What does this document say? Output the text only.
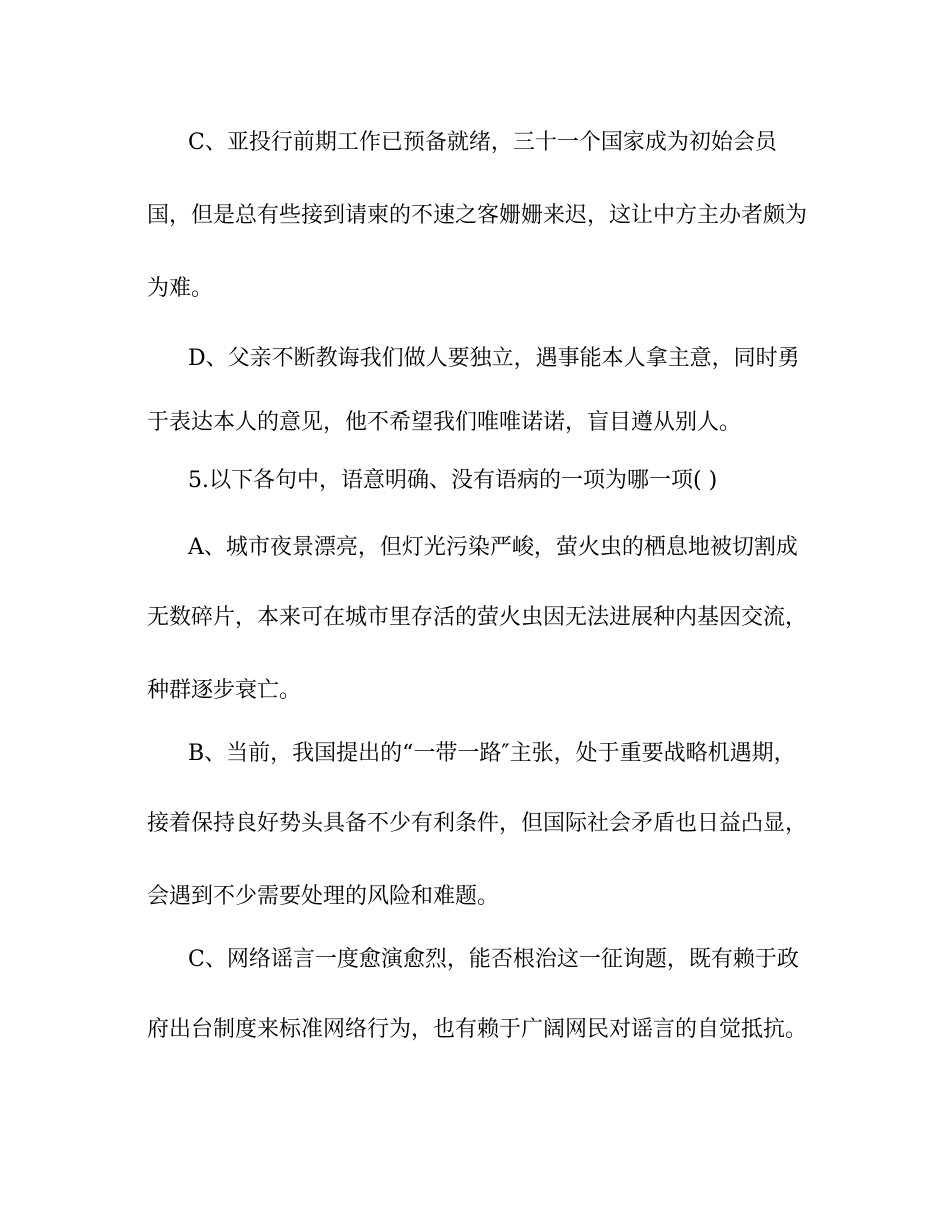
C、亚投行前期工作已预备就绪，三十一个国家成为初始会员
国，但是总有些接到请柬的不速之客姗姗来迟，这让中方主办者颇为
为难。
D、父亲不断教诲我们做人要独立，遇事能本人拿主意，同时勇
于表达本人的意见，他不希望我们唯唯诺诺，盲目遵从别人。
5.以下各句中，语意明确、没有语病的一项为哪一项( )
A、城市夜景漂亮，但灯光污染严峻，萤火虫的栖息地被切割成
无数碎片，本来可在城市里存活的萤火虫因无法进展种内基因交流，
种群逐步衰亡。
B、当前，我国提出的“一带一路″主张，处于重要战略机遇期，
接着保持良好势头具备不少有利条件，但国际社会矛盾也日益凸显，
会遇到不少需要处理的风险和难题。
C、网络谣言一度愈演愈烈，能否根治这一征询题，既有赖于政
府出台制度来标准网络行为，也有赖于广阔网民对谣言的自觉抵抗。
